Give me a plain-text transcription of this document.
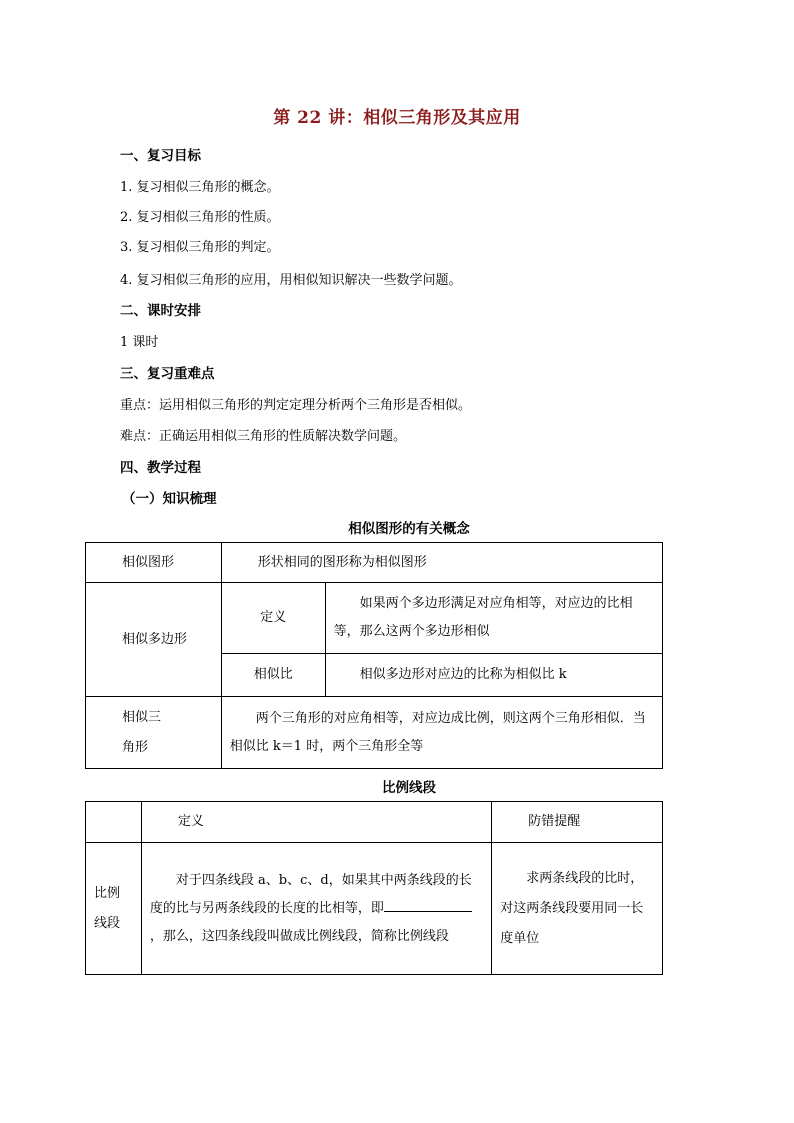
第 22 讲：相似三角形及其应用
一、复习目标
1. 复习相似三角形的概念。
2. 复习相似三角形的性质。
3. 复习相似三角形的判定。
4. 复习相似三角形的应用，用相似知识解决一些数学问题。
二、课时安排
1 课时
三、复习重难点
重点：运用相似三角形的判定定理分析两个三角形是否相似。
难点：正确运用相似三角形的性质解决数学问题。
四、教学过程
（一）知识梳理
相似图形的有关概念
相似图形	形状相同的图形称为相似图形	
相似多边形	定义	如果两个多边形满足对应角相等，对应边的比相等，那么这两个多边形相似
	相似比	相似多边形对应边的比称为相似比 k

相似三
角形	两个三角形的对应角相等，对应边成比例，则这两个三角形相似．当相似比 k＝1 时，两个三角形全等	
比例线段
	定义	防错提醒

比例
线段	对于四条线段 a、b、c、d，如果其中两条线段的长度的比与另两条线段的长度的比相等，即，那么，这四条线段叫做成比例线段，简称比例线段	求两条线段的比时，对这两条线段要用同一长度单位
